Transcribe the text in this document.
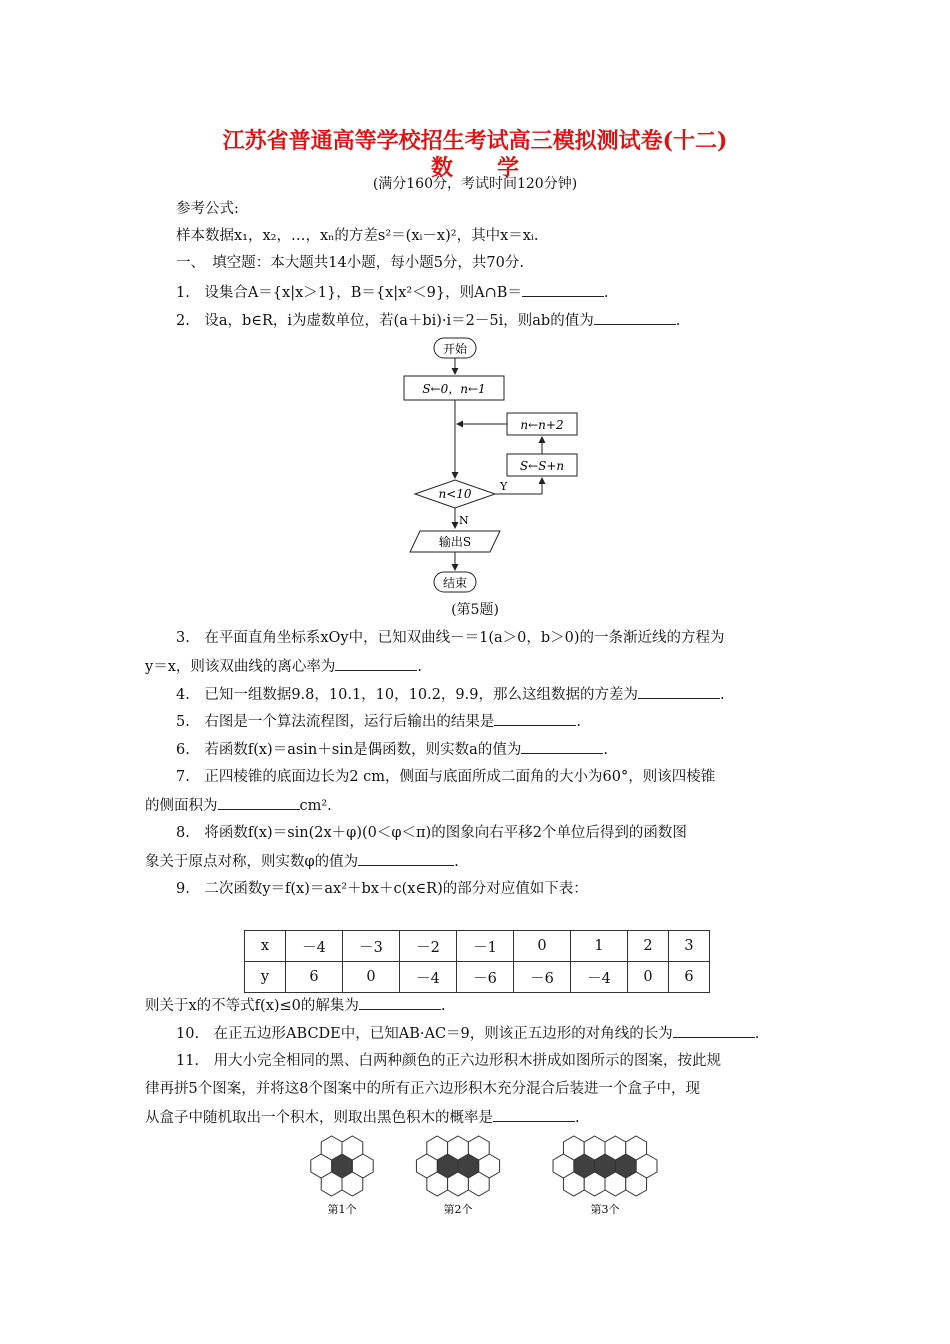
江苏省普通高等学校招生考试高三模拟测试卷(十二)
数　　学
(满分160分，考试时间120分钟)
参考公式:
样本数据x₁，x₂，…，xₙ的方差s²＝(xᵢ－x)²，其中x＝xᵢ.
一、　填空题：本大题共14小题，每小题5分，共70分.
1.　设集合A＝{x|x＞1}，B＝{x|x²＜9}，则A∩B＝	.
2.　设a，b∈R，i为虚数单位，若(a＋bi)·i＝2－5i，则ab的值为	.
开始
S←0，n←1
n←n+2
S←S+n
n<10
Y
N
输出S
结束
(第5题)
3.　在平面直角坐标系xOy中，已知双曲线－＝1(a＞0，b＞0)的一条渐近线的方程为
y＝x，则该双曲线的离心率为	.
4.　已知一组数据9.8，10.1，10，10.2，9.9，那么这组数据的方差为	.
5.　右图是一个算法流程图，运行后输出的结果是	.
6.　若函数f(x)＝asin＋sin是偶函数，则实数a的值为	.
7.　正四棱锥的底面边长为2 cm，侧面与底面所成二面角的大小为60°，则该四棱锥
的侧面积为	cm².
8.　将函数f(x)＝sin(2x＋φ)(0＜φ＜π)的图象向右平移2个单位后得到的函数图
象关于原点对称，则实数φ的值为	.
9.　二次函数y＝f(x)＝ax²＋bx＋c(x∈R)的部分对应值如下表：
x	－4	－3	－2	－1	0	1	2	3
y	6	0	－4	－6	－6	－4	0	6
则关于x的不等式f(x)≤0的解集为	.
10.　在正五边形ABCDE中，已知AB·AC＝9，则该正五边形的对角线的长为	.
11.　用大小完全相同的黑、白两种颜色的正六边形积木拼成如图所示的图案，按此规
律再拼5个图案，并将这8个图案中的所有正六边形积木充分混合后装进一个盒子中，现
从盒子中随机取出一个积木，则取出黑色积木的概率是	.
第1个	第2个	第3个
